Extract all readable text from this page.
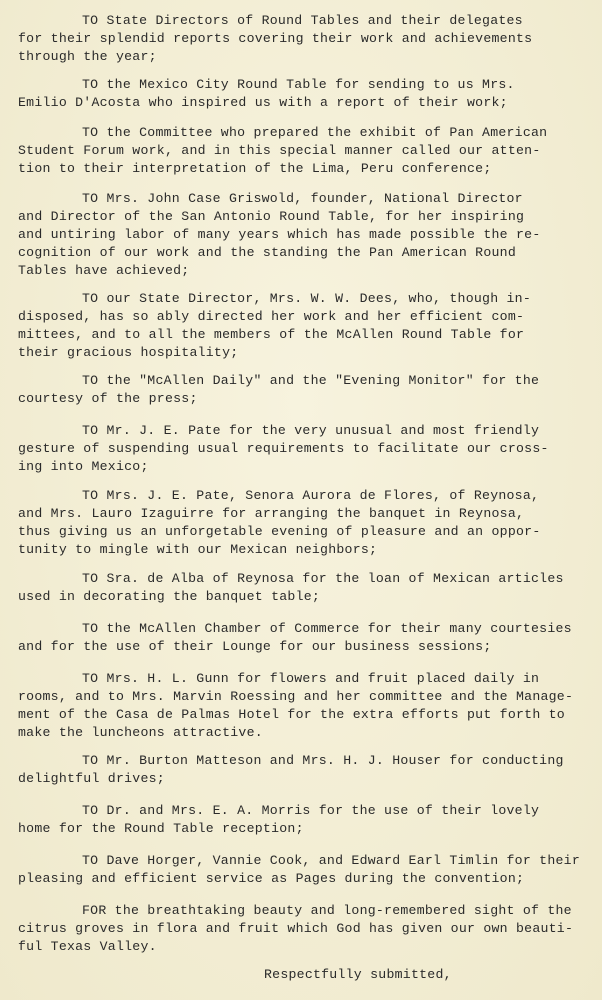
TO State Directors of Round Tables and their delegates
for their splendid reports covering their work and achievements
through the year;
TO the Mexico City Round Table for sending to us Mrs.
Emilio D'Acosta who inspired us with a report of their work;
TO the Committee who prepared the exhibit of Pan American
Student Forum work, and in this special manner called our atten-
tion to their interpretation of the Lima, Peru conference;
TO Mrs. John Case Griswold, founder, National Director
and Director of the San Antonio Round Table, for her inspiring
and untiring labor of many years which has made possible the re-
cognition of our work and the standing the Pan American Round
Tables have achieved;
TO our State Director, Mrs. W. W. Dees, who, though in-
disposed, has so ably directed her work and her efficient com-
mittees, and to all the members of the McAllen Round Table for
their gracious hospitality;
TO the "McAllen Daily" and the "Evening Monitor" for the
courtesy of the press;
TO Mr. J. E. Pate for the very unusual and most friendly
gesture of suspending usual requirements to facilitate our cross-
ing into Mexico;
TO Mrs. J. E. Pate, Senora Aurora de Flores, of Reynosa,
and Mrs. Lauro Izaguirre for arranging the banquet in Reynosa,
thus giving us an unforgetable evening of pleasure and an oppor-
tunity to mingle with our Mexican neighbors;
TO Sra. de Alba of Reynosa for the loan of Mexican articles
used in decorating the banquet table;
TO the McAllen Chamber of Commerce for their many courtesies
and for the use of their Lounge for our business sessions;
TO Mrs. H. L. Gunn for flowers and fruit placed daily in
rooms, and to Mrs. Marvin Roessing and her committee and the Manage-
ment of the Casa de Palmas Hotel for the extra efforts put forth to
make the luncheons attractive.
TO Mr. Burton Matteson and Mrs. H. J. Houser for conducting
delightful drives;
TO Dr. and Mrs. E. A. Morris for the use of their lovely
home for the Round Table reception;
TO Dave Horger, Vannie Cook, and Edward Earl Timlin for their
pleasing and efficient service as Pages during the convention;
FOR the breathtaking beauty and long-remembered sight of the
citrus groves in flora and fruit which God has given our own beauti-
ful Texas Valley.
Respectfully submitted,
